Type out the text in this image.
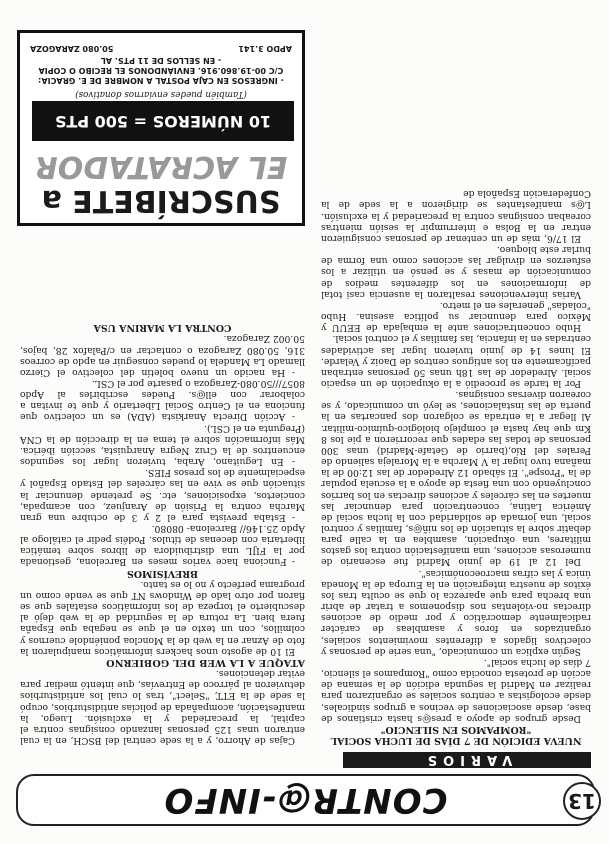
CONTR@-INFO	13
VARIOS

NUEVA EDICIÓN DE 7 DÍAS DE LUCHA SOCIAL "ROMPAMOS EN SILENCIO"

Desde grupos de apoyo a pres@s hasta cristianos de base, desde asociaciones de vecinos a grupos sindicales, desde ecologistas a centros sociales se organizaron para realizar en Madrid la segunda edición de la semana de acción de protesta conocida como "Rompamos el silencio, 7 días de lucha social".

Según explica un comunicado, "una serie de personas y colectivos ligados a diferentes movimientos sociales, organizados en foros y asambleas de carácter radicalmente democrático y por medio de acciones directas no-violentas nos disponemos a tratar de abrir una brecha para que aparezca lo que se oculta tras los éxitos de nuestra integración en la Europa de la Moneda única y las cifras macroeconómicas".

Del 12 al 19 de junio Madrid fue escenario de numerosas acciones, una manifestación contra los gastos militares, una okupación, asamblea en la calle para debatir sobre la situación de los niñ@s, familias y control social, una jornada de solidaridad con la lucha social de América Latina, concentración para denunciar las muertes en las cárceles y acciones directas en los barrios concluyendo con una fiesta de apoyo a la escuela popular de la "Prospe". El sábado 12 Alrededor de las 12:00 de la mañana tuvo lugar la V Marcha a la Moraleja saliendo de Perales del Río,(barrio de Getafe-Madrid) unas 300 personas de todas las edades que recorrieron a pie los 8 Km que hay hasta el complejo biológico-químico-militar. Al llegar a la entrada se colgaron dos pancartas en la puerta de las instalaciones, se leyó un comunicado, y se corearon diversas consignas.

Por la tarde se procedió a la okupación de un espacio social. Alrededor de las 18h unas 50 personas entraban pacíficamente en los antiguos centros de Daoiz y Velarde. El lunes 14 de junio tuvieron lugar las actividades centradas en la infancia, las familias y el control social.

Hubo concentraciones ante la embajada de EEUU y México para denunciar su política asesina. Hubo "coladas" generales en el metro.

Varias intervenciones resaltaron la ausencia casi total de informaciones en los diferentes medios de comunicación de masas y se pensó en utilizar a los esfuerzos en divulgar las acciones como una forma de burlar este bloqueo.

El 17/6, más de un centenar de personas consiguieron entrar en la Bolsa e interrumpir la sesión mientras coreaban consignas contra la precariedad y la exclusión. L@s manifestantes se dirigieron a la sede de la Confederación Española de

Cajas de Ahorro, y a la sede central del BSCH, en la cual entraron unas 125 personas lanzando consignas contra el capital, la precariedad y la exclusión. Luego, la manifestación, acompañada de policías antidisturbios, ocupó la sede de la ETT, "Select", tras lo cual los antidisturbios detuvieron al párroco de Entrevías, que intentó mediar para evitar detenciones.

ATAQUE A LA WEB DEL GOBIERNO

El 10 de agosto unos hackers informáticos manipularon la foto de Aznar en la web de la Moncloa poniéndole cuernos y colmillos, con un texto en el que se negaba que España fuera bien. La rotura de la seguridad de la web dejó al descubierto el torpeza de los informáticos estatales que se fiaron por otro lado de Windows NT que se vende como un programa perfecto y no lo es tanto.

BREVÍSIMOS

- Funciona hace varios meses en Barcelona, gestionada por la FIJL una distribuidora de libros sobre temática libertaria con decenas de títulos. Podéis pedir el catálogo al Apdo 25.146// Barcelona- 08080.

- Estaba prevista para el 2 y 3 de octubre una gran Marcha contra la Prisión de Aranjuez, con acampada, conciertos, exposiciones, etc. Se pretende denunciar la situación que se vive en las cárceles del Estado Español y especialmente de los presos FIES.

- En Leguitano, Araba, tuvieron lugar los segundos encuentros de la Cruz Negra Anarquista, sección ibérica. Más información sobre el tema en la dirección de la CNA (Pregunta en el CSL).

- Acción Directa Anarkista (ADA) es un colectivo que funciona en el Centro Social Libertario y que te invitan a colaborar con ell@s. Puedes escribirles al Apdo 8057///50.080-Zaragoza o pasarte por el CSL.

- Ha nacido un nuevo boletín del colectivo el Cierzo llamado La Mandela lo puedes conseguir en apdo de correos 316, 50.080 Zaragoza o contactar en c/Palafox 28, bajos, 50.002 Zaragoza.

CONTRA LA MARINA USA

SUSCRÍBETE a
EL ACRATADOR
10 NÚMEROS = 500 PTS
(También puedes enviarnos donativos)
- INGRESOS EN CAJA POSTAL A NOMBRE DE E. GRACIA:
C/C 00-19.860.916. ENVIÁNDONOS EL RECIBO O COPIA
- EN SELLOS DE 11 PTS. AL
APDO 3.141
50.080 ZARAGOZA
